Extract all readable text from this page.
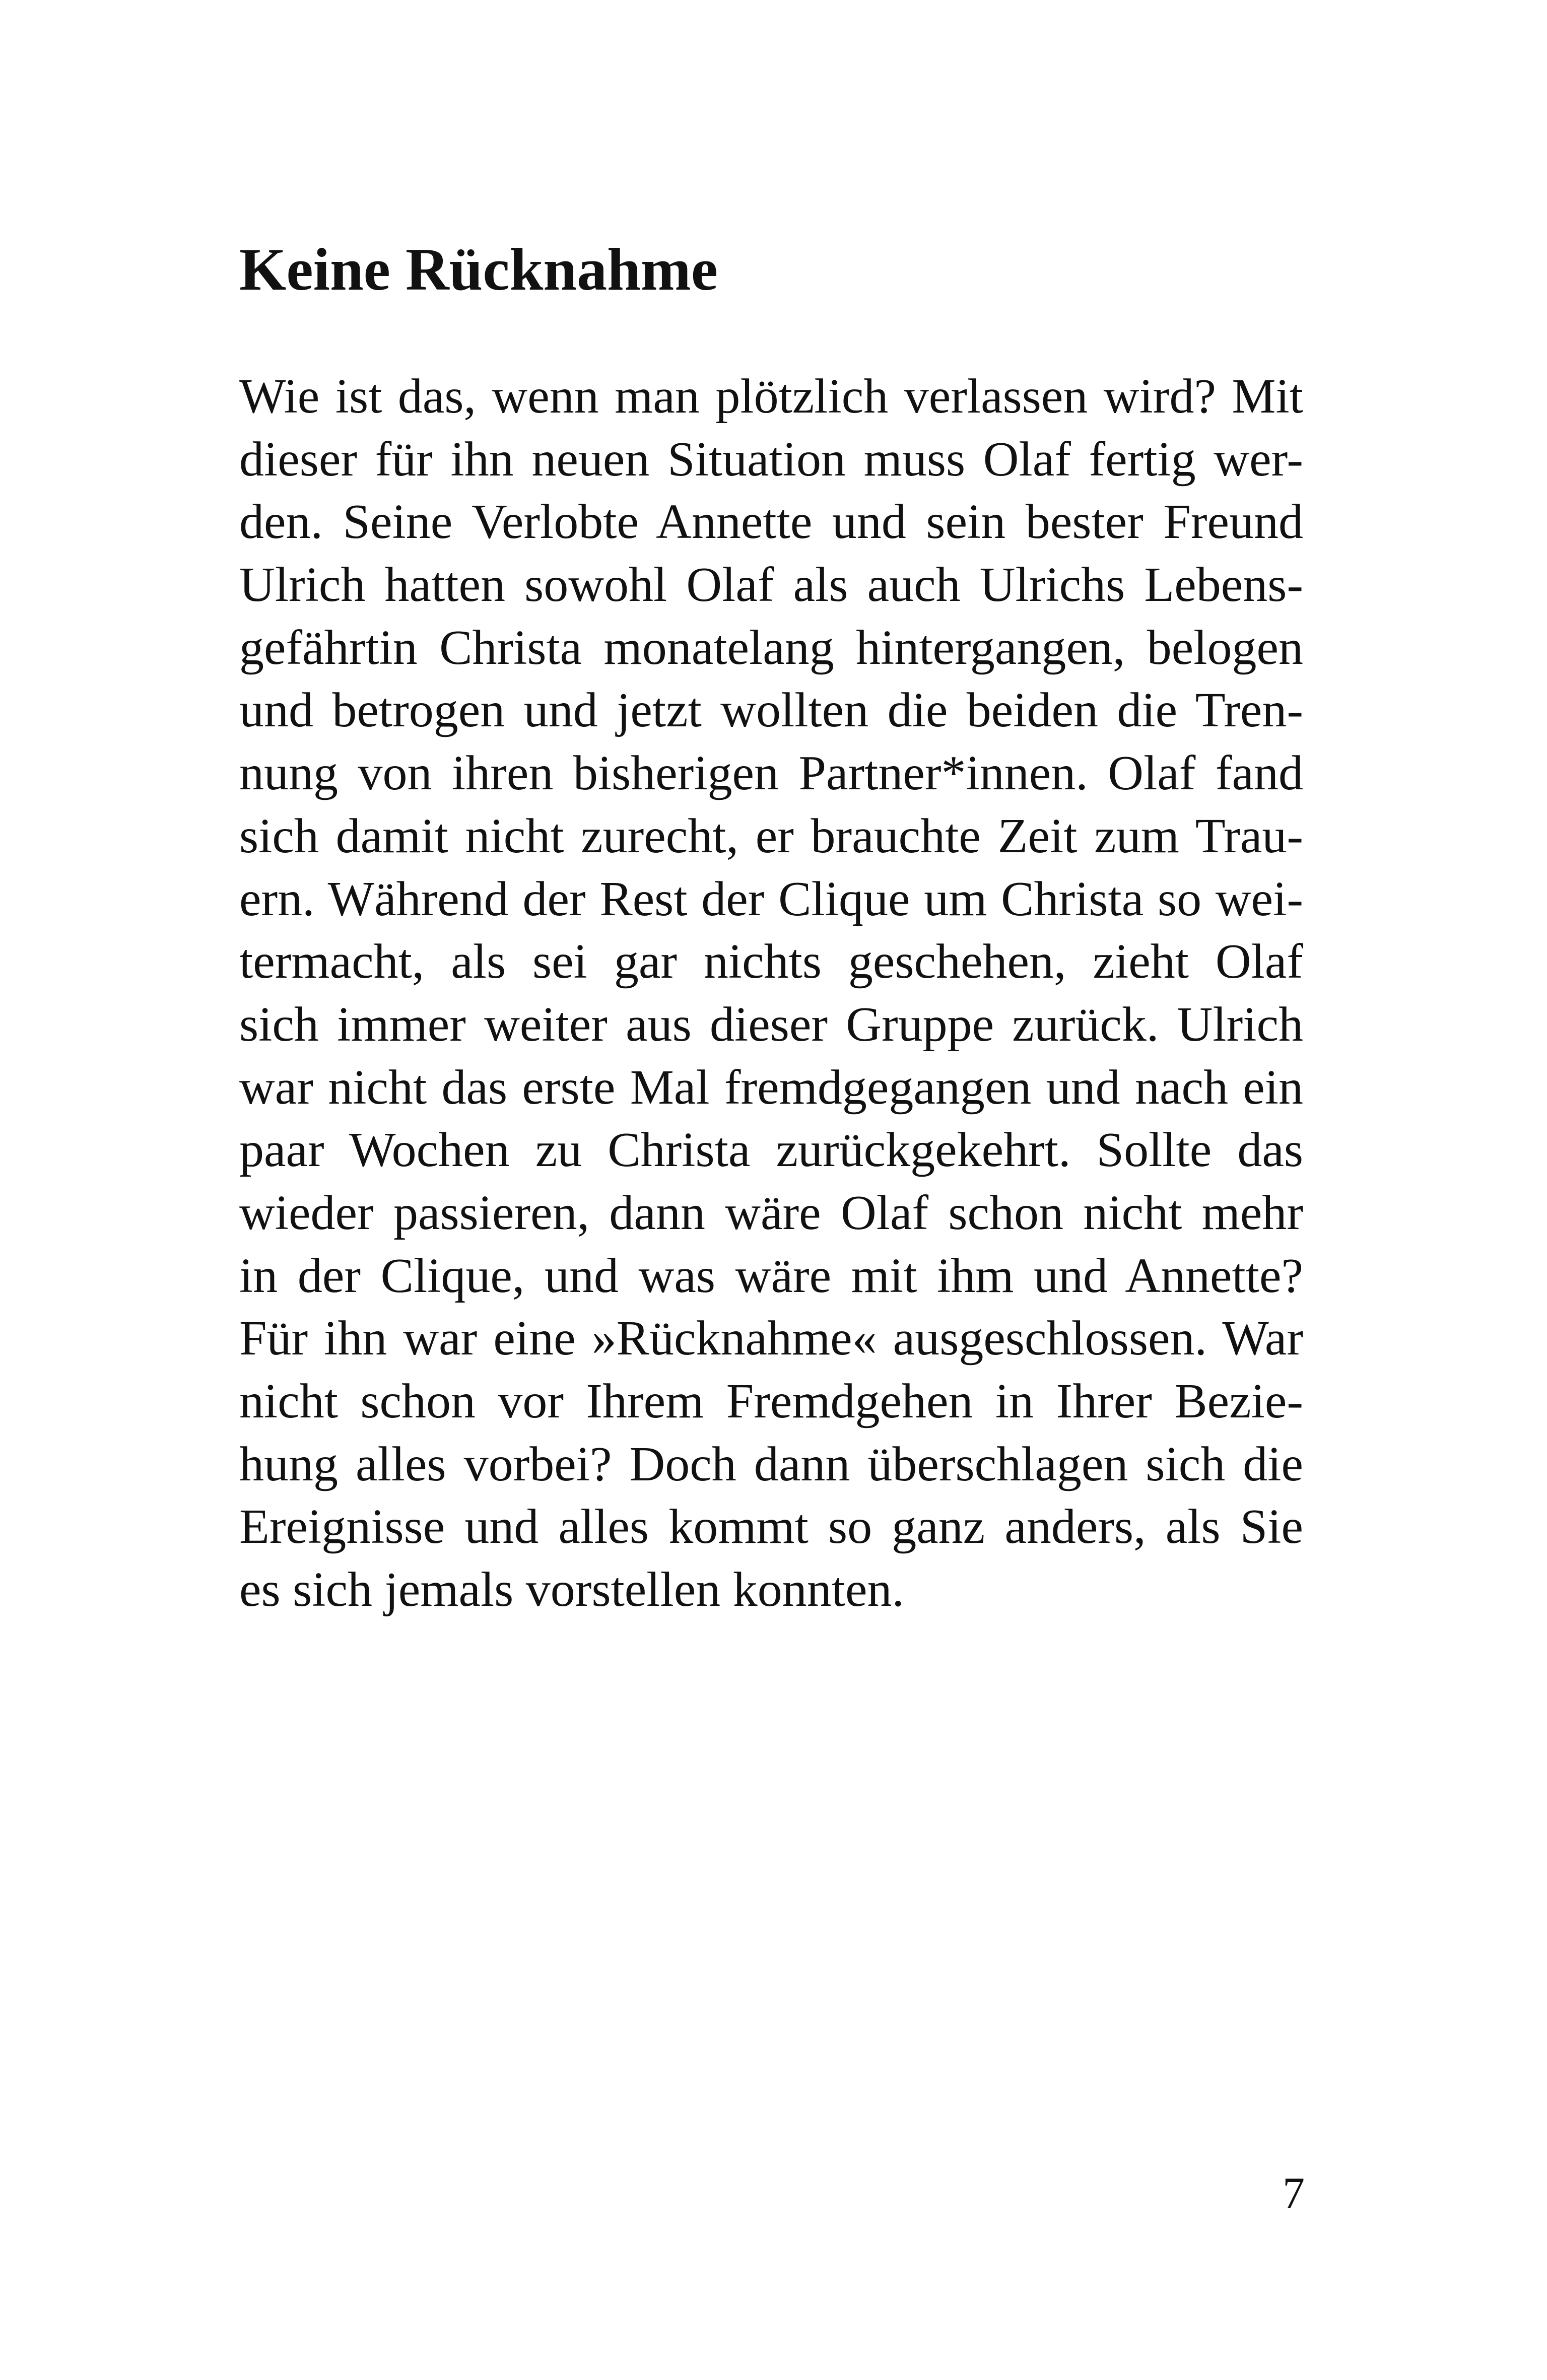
Keine Rücknahme
Wie ist das, wenn man plötzlich verlassen wird? Mit
dieser für ihn neuen Situation muss Olaf fertig wer-
den. Seine Verlobte Annette und sein bester Freund
Ulrich hatten sowohl Olaf als auch Ulrichs Lebens-
gefährtin Christa monatelang hintergangen, belogen
und betrogen und jetzt wollten die beiden die Tren-
nung von ihren bisherigen Partner*innen. Olaf fand
sich damit nicht zurecht, er brauchte Zeit zum Trau-
ern. Während der Rest der Clique um Christa so wei-
termacht, als sei gar nichts geschehen, zieht Olaf
sich immer weiter aus dieser Gruppe zurück. Ulrich
war nicht das erste Mal fremdgegangen und nach ein
paar Wochen zu Christa zurückgekehrt. Sollte das
wieder passieren, dann wäre Olaf schon nicht mehr
in der Clique, und was wäre mit ihm und Annette?
Für ihn war eine »Rücknahme« ausgeschlossen. War
nicht schon vor Ihrem Fremdgehen in Ihrer Bezie-
hung alles vorbei? Doch dann überschlagen sich die
Ereignisse und alles kommt so ganz anders, als Sie
es sich jemals vorstellen konnten.
7
